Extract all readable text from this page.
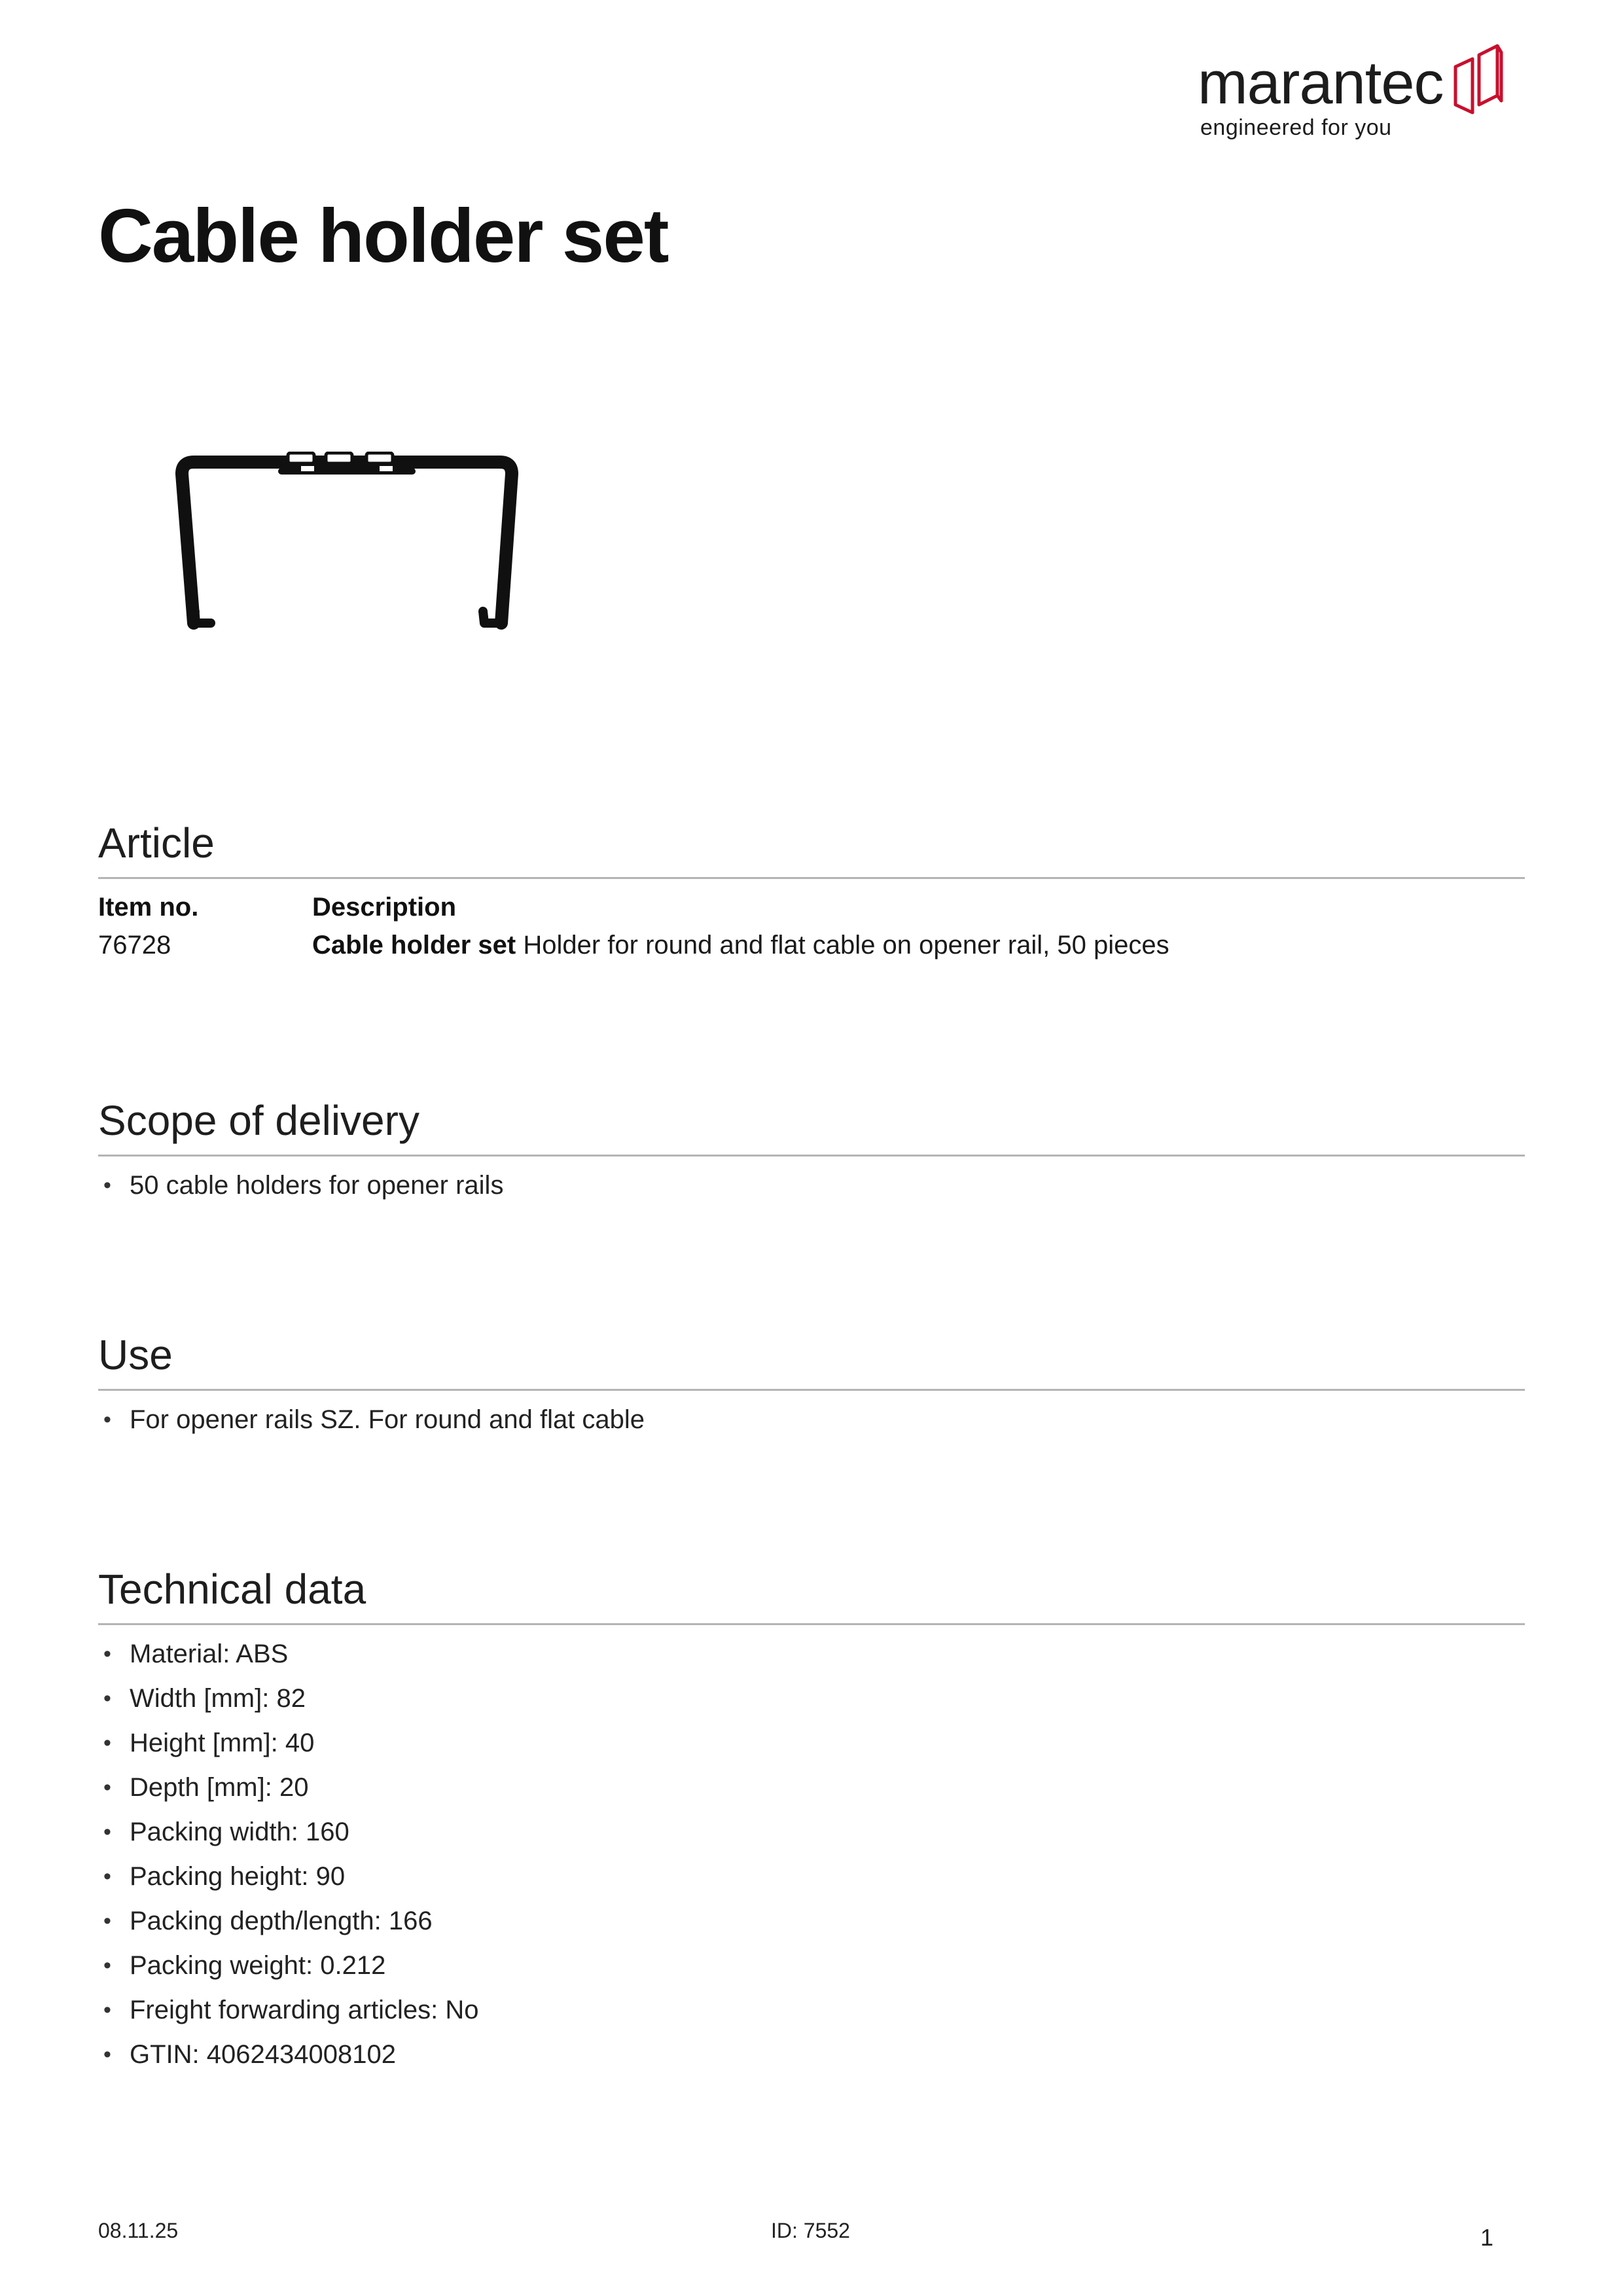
marantec
engineered for you
Cable holder set
Article
Item no.	Description
76728	Cable holder set Holder for round and flat cable on opener rail, 50 pieces
Scope of delivery
• 50 cable holders for opener rails
Use
• For opener rails SZ. For round and flat cable
Technical data
• Material: ABS
• Width [mm]: 82
• Height [mm]: 40
• Depth [mm]: 20
• Packing width: 160
• Packing height: 90
• Packing depth/length: 166
• Packing weight: 0.212
• Freight forwarding articles: No
• GTIN: 4062434008102
08.11.25	ID: 7552	1
